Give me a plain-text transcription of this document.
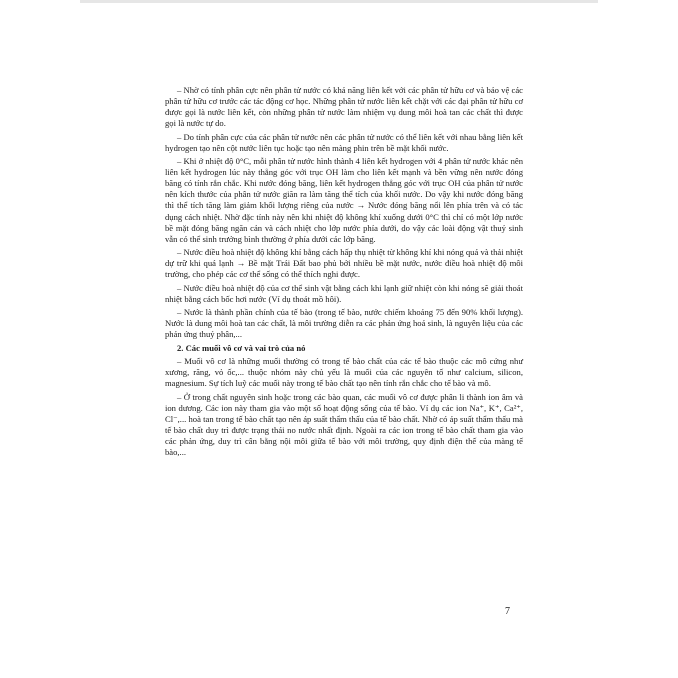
– Nhờ có tính phân cực nên phân tử nước có khả năng liên kết với các phân tử hữu cơ và bảo vệ các phân tử hữu cơ trước các tác động cơ học. Những phân tử nước liên kết chặt với các đại phân tử hữu cơ được gọi là nước liên kết, còn những phân tử nước làm nhiệm vụ dung môi hoà tan các chất thì được gọi là nước tự do.

– Do tính phân cực của các phân tử nước nên các phân tử nước có thể liên kết với nhau bằng liên kết hydrogen tạo nên cột nước liên tục hoặc tạo nên màng phin trên bề mặt khối nước.

– Khi ở nhiệt độ 0°C, mỗi phân tử nước hình thành 4 liên kết hydrogen với 4 phân tử nước khác nên liên kết hydrogen lúc này thẳng góc với trục OH làm cho liên kết mạnh và bền vững nên nước đóng băng có tính rắn chắc. Khi nước đóng băng, liên kết hydrogen thẳng góc với trục OH của phân tử nước nên kích thước của phân tử nước giãn ra làm tăng thể tích của khối nước. Do vậy khi nước đóng băng thì thể tích tăng làm giảm khối lượng riêng của nước → Nước đóng băng nổi lên phía trên và có tác dụng cách nhiệt. Nhờ đặc tính này nên khi nhiệt độ không khí xuống dưới 0°C thì chỉ có một lớp nước bề mặt đóng băng ngăn cản và cách nhiệt cho lớp nước phía dưới, do vậy các loài động vật thuỷ sinh vẫn có thể sinh trưởng bình thường ở phía dưới các lớp băng.

– Nước điều hoà nhiệt độ không khí bằng cách hấp thụ nhiệt từ không khí khi nóng quá và thải nhiệt dự trữ khi quá lạnh → Bề mặt Trái Đất bao phủ bởi nhiều bề mặt nước, nước điều hoà nhiệt độ môi trường, cho phép các cơ thể sống có thể thích nghi được.

– Nước điều hoà nhiệt độ của cơ thể sinh vật bằng cách khi lạnh giữ nhiệt còn khi nóng sẽ giải thoát nhiệt bằng cách bốc hơi nước (Ví dụ thoát mồ hôi).

– Nước là thành phần chính của tế bào (trong tế bào, nước chiếm khoảng 75 đến 90% khối lượng). Nước là dung môi hoà tan các chất, là môi trường diễn ra các phản ứng hoá sinh, là nguyên liệu của các phản ứng thuỷ phân,...

2. Các muối vô cơ và vai trò của nó

– Muối vô cơ là những muối thường có trong tế bào chất của các tế bào thuộc các mô cứng như xương, răng, vỏ ốc,... thuộc nhóm này chủ yếu là muối của các nguyên tố như calcium, silicon, magnesium. Sự tích luỹ các muối này trong tế bào chất tạo nên tính rắn chắc cho tế bào và mô.

– Ở trong chất nguyên sinh hoặc trong các bào quan, các muối vô cơ được phân li thành ion âm và ion dương. Các ion này tham gia vào một số hoạt động sống của tế bào. Ví dụ các ion Na⁺, K⁺, Ca²⁺, Cl⁻,... hoà tan trong tế bào chất tạo nên áp suất thẩm thấu của tế bào chất. Nhờ có áp suất thẩm thấu mà tế bào chất duy trì được trạng thái no nước nhất định. Ngoài ra các ion trong tế bào chất tham gia vào các phản ứng, duy trì cân bằng nội môi giữa tế bào với môi trường, quy định điện thế của màng tế bào,...

7
